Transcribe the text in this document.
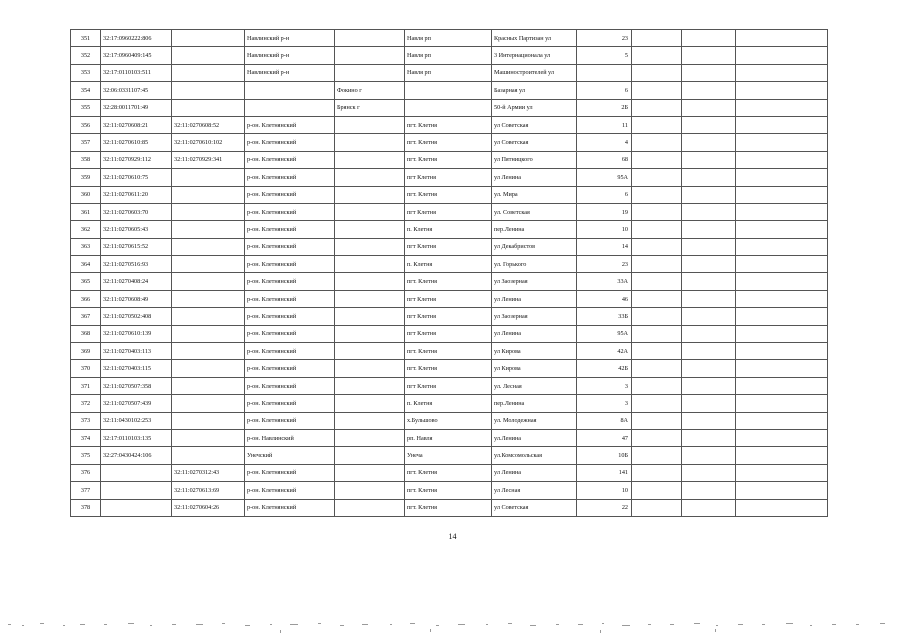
351	32:17:0960222:806		Навлинский р-н		Навля рп	Красных Партизан ул	23			
352	32:17:0960409:145		Навлинский р-н		Навля рп	3 Интернационала ул	5			
353	32:17:0110103:511		Навлинский р-н		Навля рп	Машиностроителей ул				
354	32:06:0331107:45			Фокино г		Базарная ул	6			
355	32:28:0011701:49			Брянск г		50-й Армии ул	2Б			
356	32:11:0270608:21	32:11:0270608:52	р-он. Клетнянский		пгт. Клетня	ул Советская	11			
357	32:11:0270610:85	32:11:0270610:102	р-он. Клетнянский		пгт. Клетня	ул Советская	4			
358	32:11:0270929:112	32:11:0270929:341	р-он. Клетнянский		пгт. Клетня	ул Пятницкого	68			
359	32:11:0270610:75		р-он. Клетнянский		пгт Клетня	ул Ленина	95А			
360	32:11:0270611:20		р-он. Клетнянский		пгт. Клетня	ул. Мира	6			
361	32:11:0270603:70		р-он. Клетнянский		пгт Клетня	ул. Советская	19			
362	32:11:0270605:43		р-он. Клетнянский		п. Клетня	пер.Ленина	10			
363	32:11:0270615:52		р-он. Клетнянский		пгт Клетня	ул Декабристов	14			
364	32:11:0270516:93		р-он. Клетнянский		п. Клетня	ул. Горького	23			
365	32:11:0270408:24		р-он. Клетнянский		пгт. Клетня	ул Заозерная	33А			
366	32:11:0270608:49		р-он. Клетнянский		пгт Клетня	ул Ленина	46			
367	32:11:0270502:408		р-он. Клетнянский		пгт Клетня	ул Заозерная	33Б			
368	32:11:0270610:139		р-он. Клетнянский		пгт Клетня	ул Ленина	95А			
369	32:11:0270403:113		р-он. Клетнянский		пгт. Клетня	ул Кирова	42А			
370	32:11:0270403:115		р-он. Клетнянский		пгт. Клетня	ул Кирова	42Б			
371	32:11:0270507:358		р-он. Клетнянский		пгт Клетня	ул. Лесная	3			
372	32:11:0270507:439		р-он. Клетнянский		п. Клетня	пер.Ленина	3			
373	32:11:0430102:253		р-он. Клетнянский		х.Бульшово	ул. Молодежная	8А			
374	32:17:0110103:135		р-он. Навлинский		рп. Навля	ул.Ленина	47			
375	32:27:0430424:106		Унечский		Унеча	ул.Комсомольская	10Б			
376		32:11:0270312:43	р-он. Клетнянский		пгт. Клетня	ул Ленина	141			
377		32:11:0270613:69	р-он. Клетнянский		пгт. Клетня	ул Лесная	10			
378		32:11:0270604:26	р-он. Клетнянский		пгт. Клетня	ул Советская	22			
14
